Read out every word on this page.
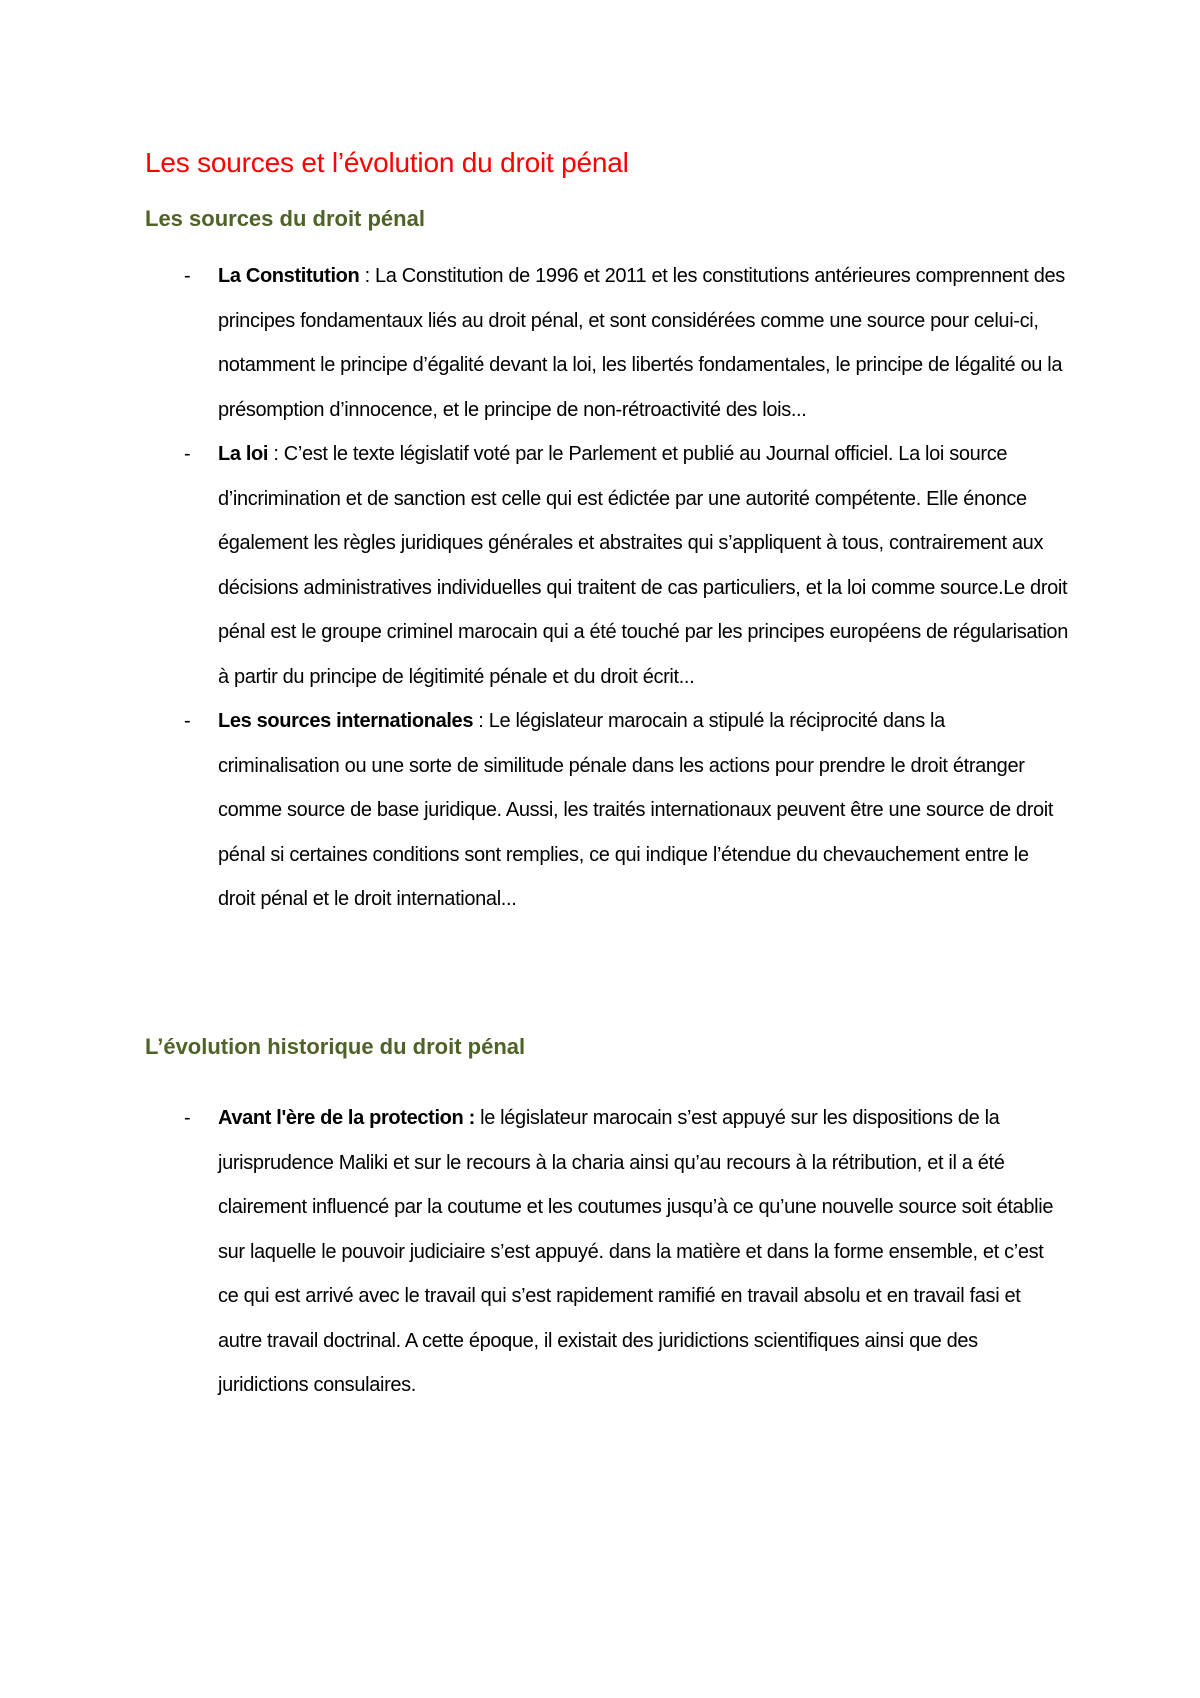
Les sources et l’évolution du droit pénal
Les sources du droit pénal
- La Constitution : La Constitution de 1996 et 2011 et les constitutions antérieures comprennent des principes fondamentaux liés au droit pénal, et sont considérées comme une source pour celui-ci, notamment le principe d’égalité devant la loi, les libertés fondamentales, le principe de légalité ou la présomption d’innocence, et le principe de non-rétroactivité des lois...
- La loi : C’est le texte législatif voté par le Parlement et publié au Journal officiel. La loi source d’incrimination et de sanction est celle qui est édictée par une autorité compétente. Elle énonce également les règles juridiques générales et abstraites qui s’appliquent à tous, contrairement aux décisions administratives individuelles qui traitent de cas particuliers, et la loi comme source.Le droit pénal est le groupe criminel marocain qui a été touché par les principes européens de régularisation à partir du principe de légitimité pénale et du droit écrit...
- Les sources internationales : Le législateur marocain a stipulé la réciprocité dans la criminalisation ou une sorte de similitude pénale dans les actions pour prendre le droit étranger comme source de base juridique. Aussi, les traités internationaux peuvent être une source de droit pénal si certaines conditions sont remplies, ce qui indique l’étendue du chevauchement entre le droit pénal et le droit international...
L’évolution historique du droit pénal
- Avant l'ère de la protection : le législateur marocain s’est appuyé sur les dispositions de la jurisprudence Maliki et sur le recours à la charia ainsi qu’au recours à la rétribution, et il a été clairement influencé par la coutume et les coutumes jusqu’à ce qu’une nouvelle source soit établie sur laquelle le pouvoir judiciaire s’est appuyé. dans la matière et dans la forme ensemble, et c’est ce qui est arrivé avec le travail qui s’est rapidement ramifié en travail absolu et en travail fasi et autre travail doctrinal. A cette époque, il existait des juridictions scientifiques ainsi que des juridictions consulaires.
